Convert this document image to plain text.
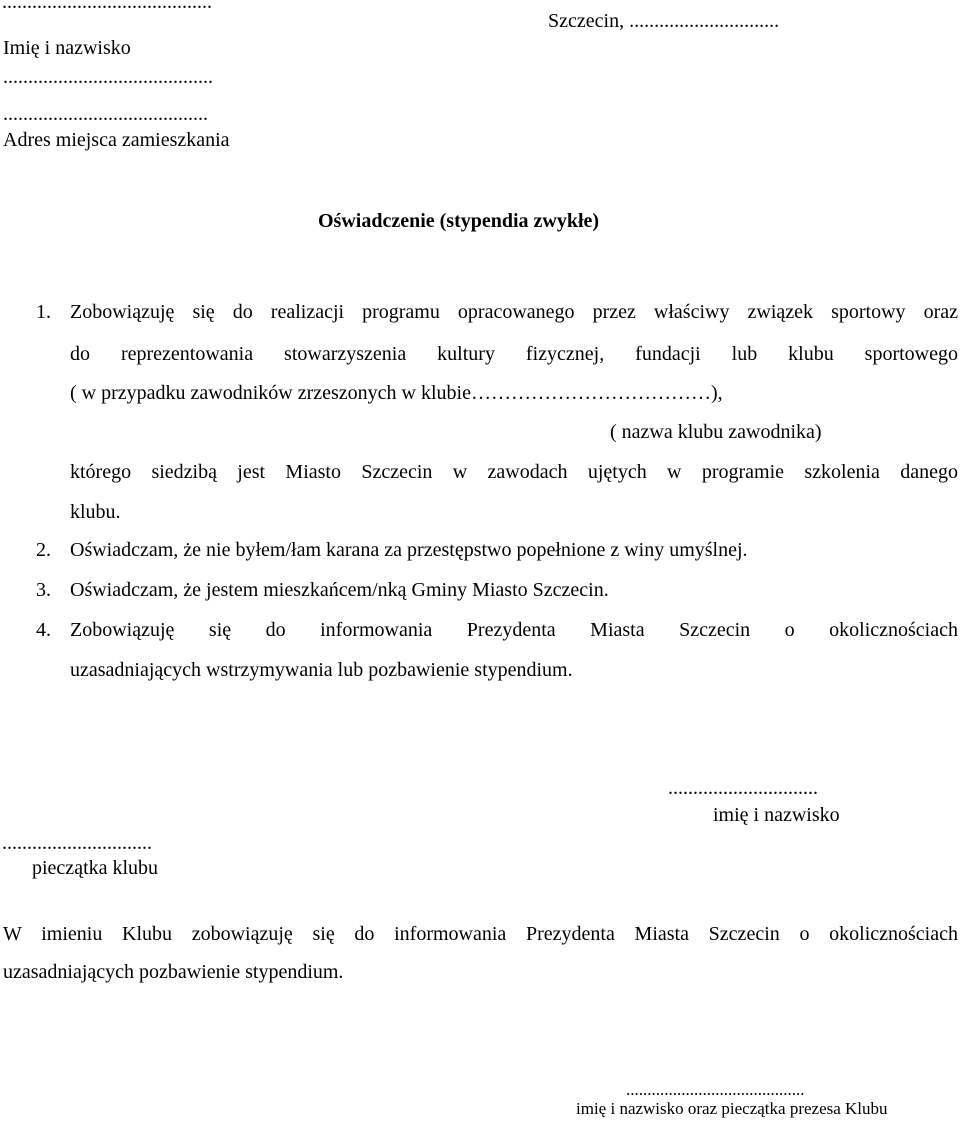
..........................................
Imię i nazwisko
..........................................
.........................................
Adres miejsca zamieszkania
Szczecin, ..............................
Oświadczenie (stypendia zwykłe)
1. Zobowiązuję się do realizacji programu opracowanego przez właściwy związek sportowy oraz
do reprezentowania stowarzyszenia kultury fizycznej, fundacji lub klubu sportowego
( w przypadku zawodników zrzeszonych w klubie………………………………),
( nazwa klubu zawodnika)
którego siedzibą jest Miasto Szczecin w zawodach ujętych w programie szkolenia danego
klubu.
2. Oświadczam, że nie byłem/łam karana za przestępstwo popełnione z winy umyślnej.
3. Oświadczam, że jestem mieszkańcem/nką Gminy Miasto Szczecin.
4. Zobowiązuję się do informowania Prezydenta Miasta Szczecin o okolicznościach
uzasadniających wstrzymywania lub pozbawienie stypendium.
..............................
imię i nazwisko
..............................
pieczątka klubu
W imieniu Klubu zobowiązuję się do informowania Prezydenta Miasta Szczecin o okolicznościach
uzasadniających pozbawienie stypendium.
..........................................
imię i nazwisko oraz pieczątka prezesa Klubu
